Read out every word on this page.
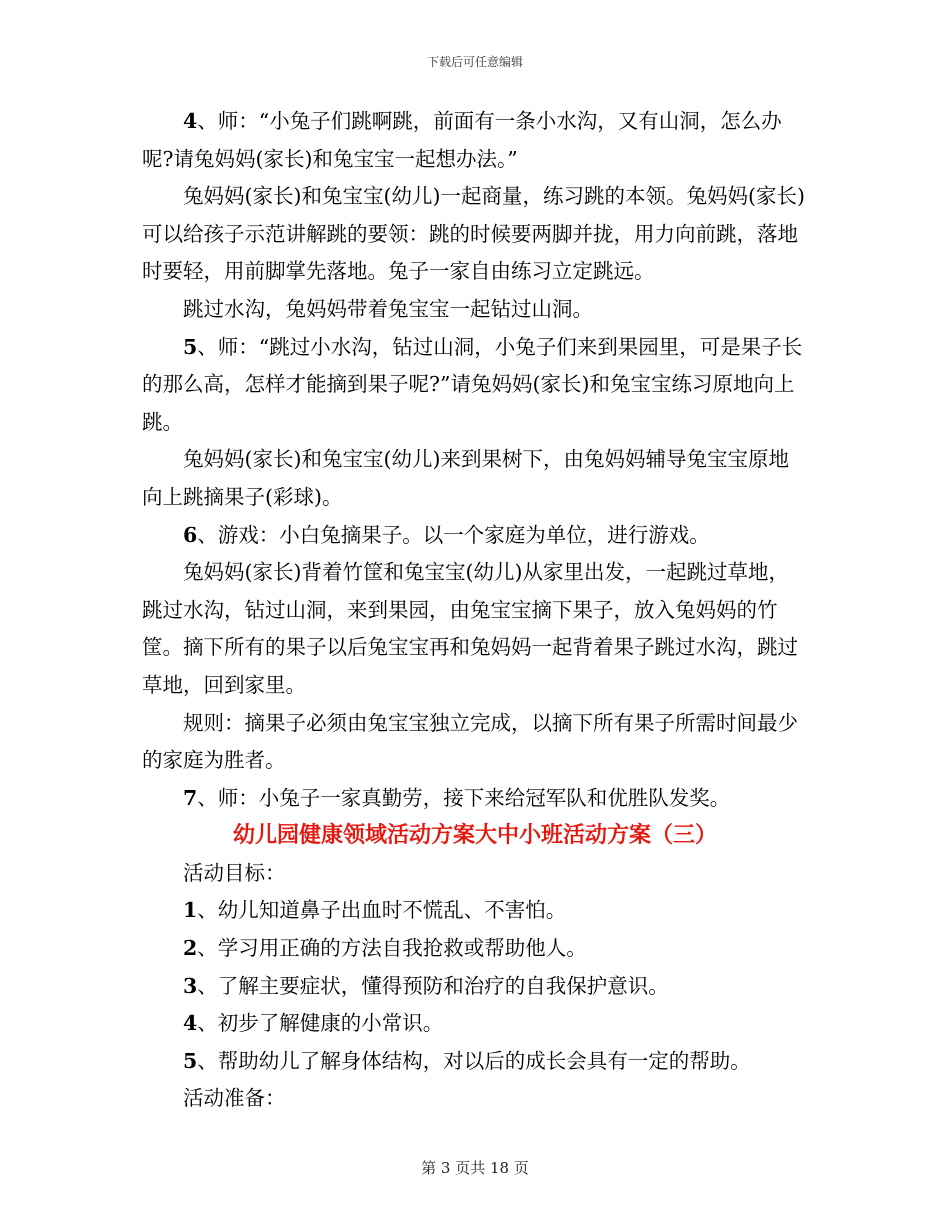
下载后可任意编辑

4、师：“小兔子们跳啊跳，前面有一条小水沟，又有山洞，怎么办呢?请兔妈妈(家长)和兔宝宝一起想办法。”

兔妈妈(家长)和兔宝宝(幼儿)一起商量，练习跳的本领。兔妈妈(家长)可以给孩子示范讲解跳的要领：跳的时候要两脚并拢，用力向前跳，落地时要轻，用前脚掌先落地。兔子一家自由练习立定跳远。

跳过水沟，兔妈妈带着兔宝宝一起钻过山洞。

5、师：“跳过小水沟，钻过山洞，小兔子们来到果园里，可是果子长的那么高，怎样才能摘到果子呢?”请兔妈妈(家长)和兔宝宝练习原地向上跳。

兔妈妈(家长)和兔宝宝(幼儿)来到果树下，由兔妈妈辅导兔宝宝原地向上跳摘果子(彩球)。

6、游戏：小白兔摘果子。以一个家庭为单位，进行游戏。

兔妈妈(家长)背着竹筐和兔宝宝(幼儿)从家里出发，一起跳过草地，跳过水沟，钻过山洞，来到果园，由兔宝宝摘下果子，放入兔妈妈的竹筐。摘下所有的果子以后兔宝宝再和兔妈妈一起背着果子跳过水沟，跳过草地，回到家里。

规则：摘果子必须由兔宝宝独立完成，以摘下所有果子所需时间最少的家庭为胜者。

7、师：小兔子一家真勤劳，接下来给冠军队和优胜队发奖。

幼儿园健康领域活动方案大中小班活动方案（三）

活动目标：

1、幼儿知道鼻子出血时不慌乱、不害怕。

2、学习用正确的方法自我抢救或帮助他人。

3、了解主要症状，懂得预防和治疗的自我保护意识。

4、初步了解健康的小常识。

5、帮助幼儿了解身体结构，对以后的成长会具有一定的帮助。

活动准备：

第 3 页共 18 页
